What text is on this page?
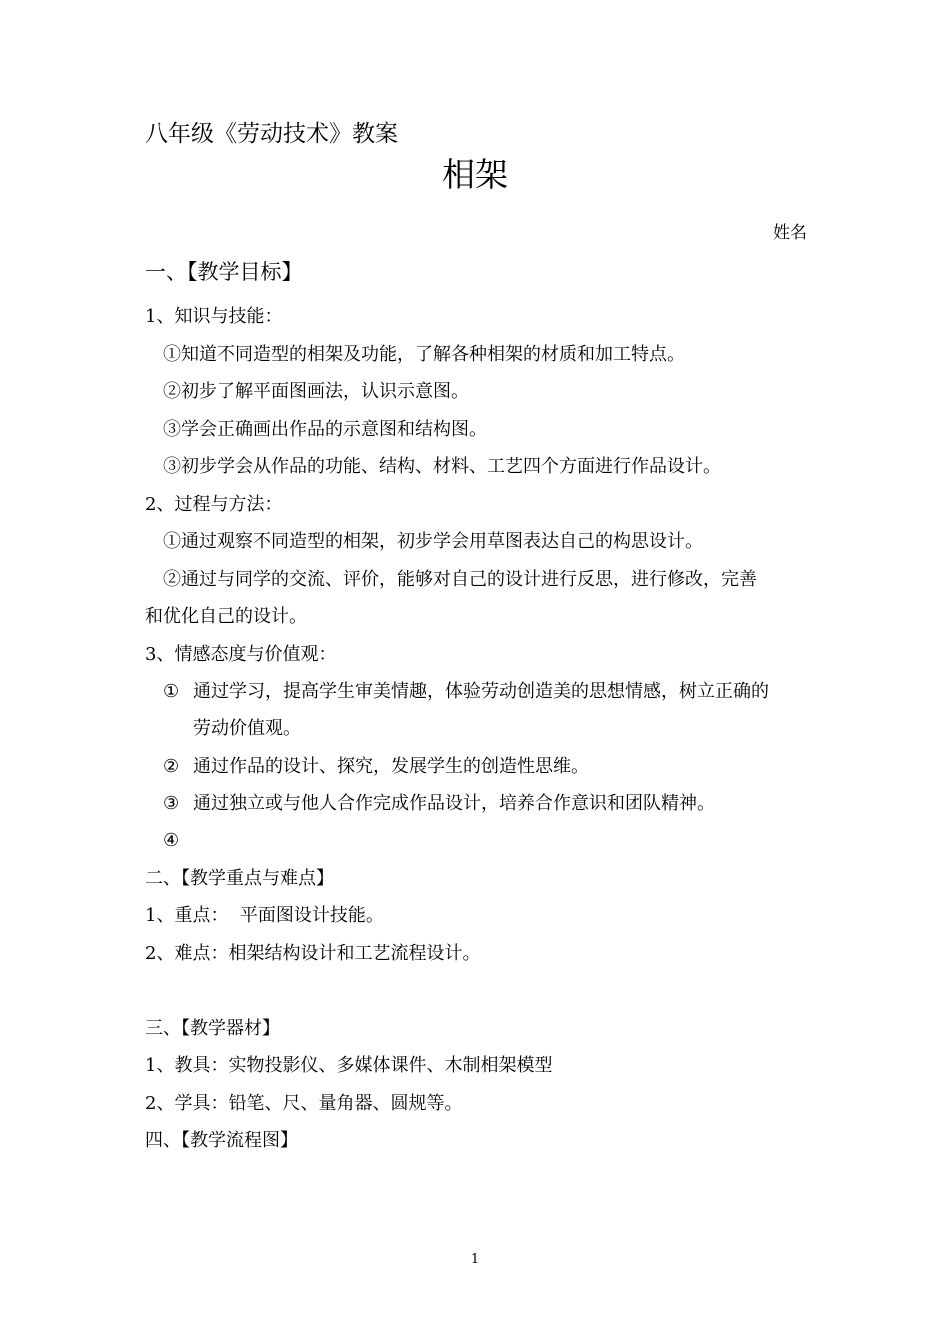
八年级《劳动技术》教案
相架
姓名
一、【教学目标】
1、知识与技能：
①知道不同造型的相架及功能，了解各种相架的材质和加工特点。
②初步了解平面图画法，认识示意图。
③学会正确画出作品的示意图和结构图。
③初步学会从作品的功能、结构、材料、工艺四个方面进行作品设计。
2、过程与方法：
①通过观察不同造型的相架，初步学会用草图表达自己的构思设计。
②通过与同学的交流、评价，能够对自己的设计进行反思，进行修改，完善
和优化自己的设计。
3、情感态度与价值观：
① 通过学习，提高学生审美情趣，体验劳动创造美的思想情感，树立正确的
劳动价值观。
② 通过作品的设计、探究，发展学生的创造性思维。
③ 通过独立或与他人合作完成作品设计，培养合作意识和团队精神。
④
二、【教学重点与难点】
1、重点：  平面图设计技能。
2、难点：相架结构设计和工艺流程设计。
三、【教学器材】
1、教具：实物投影仪、多媒体课件、木制相架模型
2、学具：铅笔、尺、量角器、圆规等。
四、【教学流程图】
1
